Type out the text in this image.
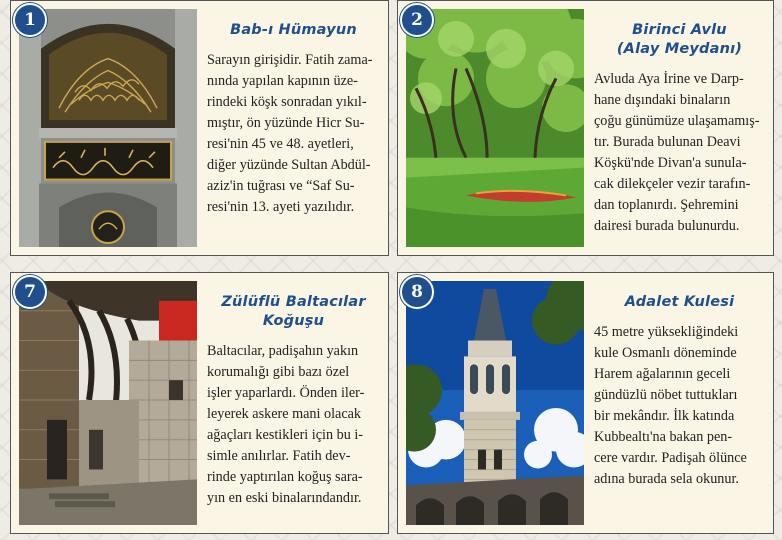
1	Bab-ı Hümayun
Sarayın girişidir. Fatih zama-
nında yapılan kapının üze-
rindeki köşk sonradan yıkıl-
mıştır, ön yüzünde Hicr Su-
resi'nin 45 ve 48. ayetleri,
diğer yüzünde Sultan Abdül-
aziz'in tuğrası ve “Saf Su-
resi'nin 13. ayeti yazılıdır.
2	Birinci Avlu
(Alay Meydanı)
Avluda Aya İrine ve Darp-
hane dışındaki binaların
çoğu günümüze ulaşamamış-
tır. Burada bulunan Deavi
Köşkü'nde Divan'a sunula-
cak dilekçeler vezir tarafın-
dan toplanırdı. Şehremini
dairesi burada bulunurdu.
7	Zülüflü Baltacılar
Koğuşu
Baltacılar, padişahın yakın
korumalığı gibi bazı özel
işler yaparlardı. Önden iler-
leyerek askere mani olacak
ağaçları kestikleri için bu i-
simle anılırlar. Fatih dev-
rinde yaptırılan koğuş sara-
yın en eski binalarındandır.
8	Adalet Kulesi
45 metre yüksekliğindeki
kule Osmanlı döneminde
Harem ağalarının geceli
gündüzlü nöbet tuttukları
bir mekândır. İlk katında
Kubbealtı'na bakan pen-
cere vardır. Padişah ölünce
adına burada sela okunur.
